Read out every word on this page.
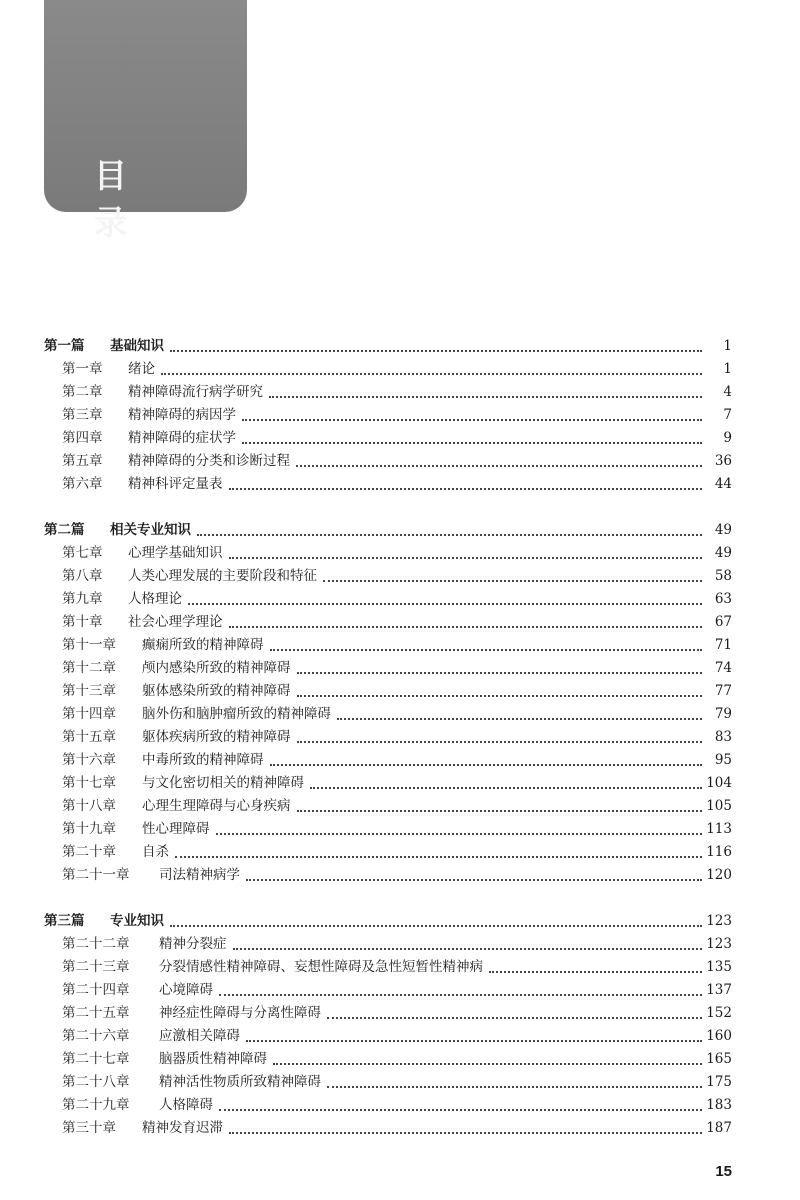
目 录
第一篇	基础知识	1
第一章	绪论	1
第二章	精神障碍流行病学研究	4
第三章	精神障碍的病因学	7
第四章	精神障碍的症状学	9
第五章	精神障碍的分类和诊断过程	36
第六章	精神科评定量表	44
第二篇	相关专业知识	49
第七章	心理学基础知识	49
第八章	人类心理发展的主要阶段和特征	58
第九章	人格理论	63
第十章	社会心理学理论	67
第十一章	癫痫所致的精神障碍	71
第十二章	颅内感染所致的精神障碍	74
第十三章	躯体感染所致的精神障碍	77
第十四章	脑外伤和脑肿瘤所致的精神障碍	79
第十五章	躯体疾病所致的精神障碍	83
第十六章	中毒所致的精神障碍	95
第十七章	与文化密切相关的精神障碍	104
第十八章	心理生理障碍与心身疾病	105
第十九章	性心理障碍	113
第二十章	自杀	116
第二十一章	司法精神病学	120
第三篇	专业知识	123
第二十二章	精神分裂症	123
第二十三章	分裂情感性精神障碍、妄想性障碍及急性短暂性精神病	135
第二十四章	心境障碍	137
第二十五章	神经症性障碍与分离性障碍	152
第二十六章	应激相关障碍	160
第二十七章	脑器质性精神障碍	165
第二十八章	精神活性物质所致精神障碍	175
第二十九章	人格障碍	183
第三十章	精神发育迟滞	187
15
